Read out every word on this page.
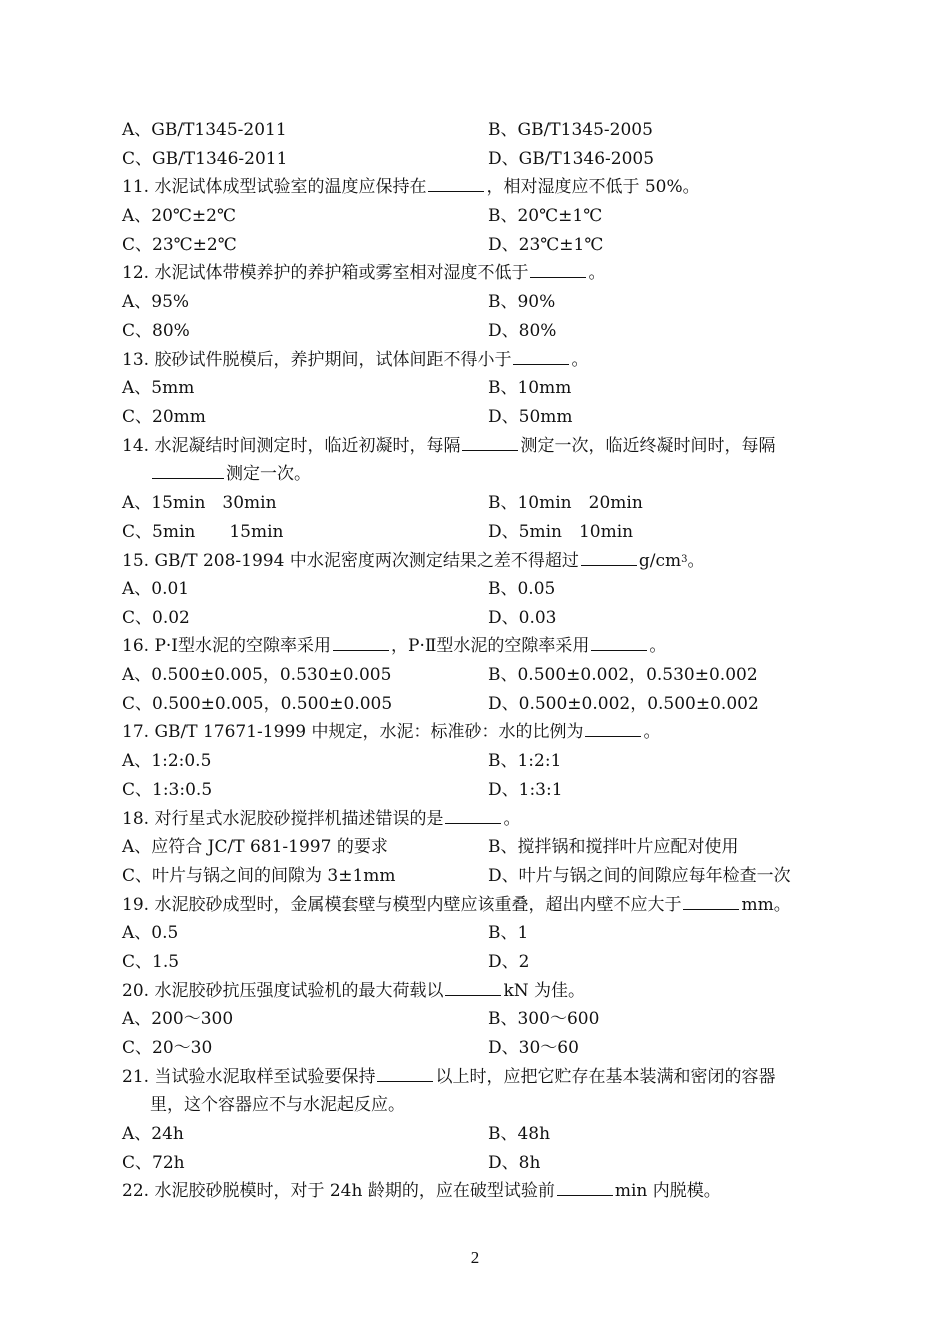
A、GB/T1345-2011	B、GB/T1345-2005
C、GB/T1346-2011	D、GB/T1346-2005
11. 水泥试体成型试验室的温度应保持在	，相对湿度应不低于 50%。
A、20℃±2℃	B、20℃±1℃
C、23℃±2℃	D、23℃±1℃
12. 水泥试体带模养护的养护箱或雾室相对湿度不低于	。
A、95%	B、90%
C、80%	D、80%
13. 胶砂试件脱模后，养护期间，试体间距不得小于	。
A、5mm	B、10mm
C、20mm	D、50mm
14. 水泥凝结时间测定时，临近初凝时，每隔	测定一次，临近终凝时间时，每隔
测定一次。
A、15min　30min	B、10min　20min
C、5min　　15min	D、5min　10min
15. GB/T 208-1994 中水泥密度两次测定结果之差不得超过	$g/cm^3$。
A、0.01	B、0.05
C、0.02	D、0.03
16. P·Ⅰ型水泥的空隙率采用	，P·Ⅱ型水泥的空隙率采用	。
A、0.500±0.005，0.530±0.005	B、0.500±0.002，0.530±0.002
C、0.500±0.005，0.500±0.005	D、0.500±0.002，0.500±0.002
17. GB/T 17671-1999 中规定，水泥：标准砂：水的比例为	。
A、1:2:0.5	B、1:2:1
C、1:3:0.5	D、1:3:1
18. 对行星式水泥胶砂搅拌机描述错误的是	。
A、应符合 JC/T 681-1997 的要求	B、搅拌锅和搅拌叶片应配对使用
C、叶片与锅之间的间隙为 3±1mm	D、叶片与锅之间的间隙应每年检查一次
19. 水泥胶砂成型时，金属模套壁与模型内壁应该重叠，超出内壁不应大于	mm。
A、0.5	B、1
C、1.5	D、2
20. 水泥胶砂抗压强度试验机的最大荷载以	kN 为佳。
A、200～300	B、300～600
C、20～30	D、30～60
21. 当试验水泥取样至试验要保持	以上时，应把它贮存在基本装满和密闭的容器
里，这个容器应不与水泥起反应。
A、24h	B、48h
C、72h	D、8h
22. 水泥胶砂脱模时，对于 24h 龄期的，应在破型试验前	min 内脱模。
2
